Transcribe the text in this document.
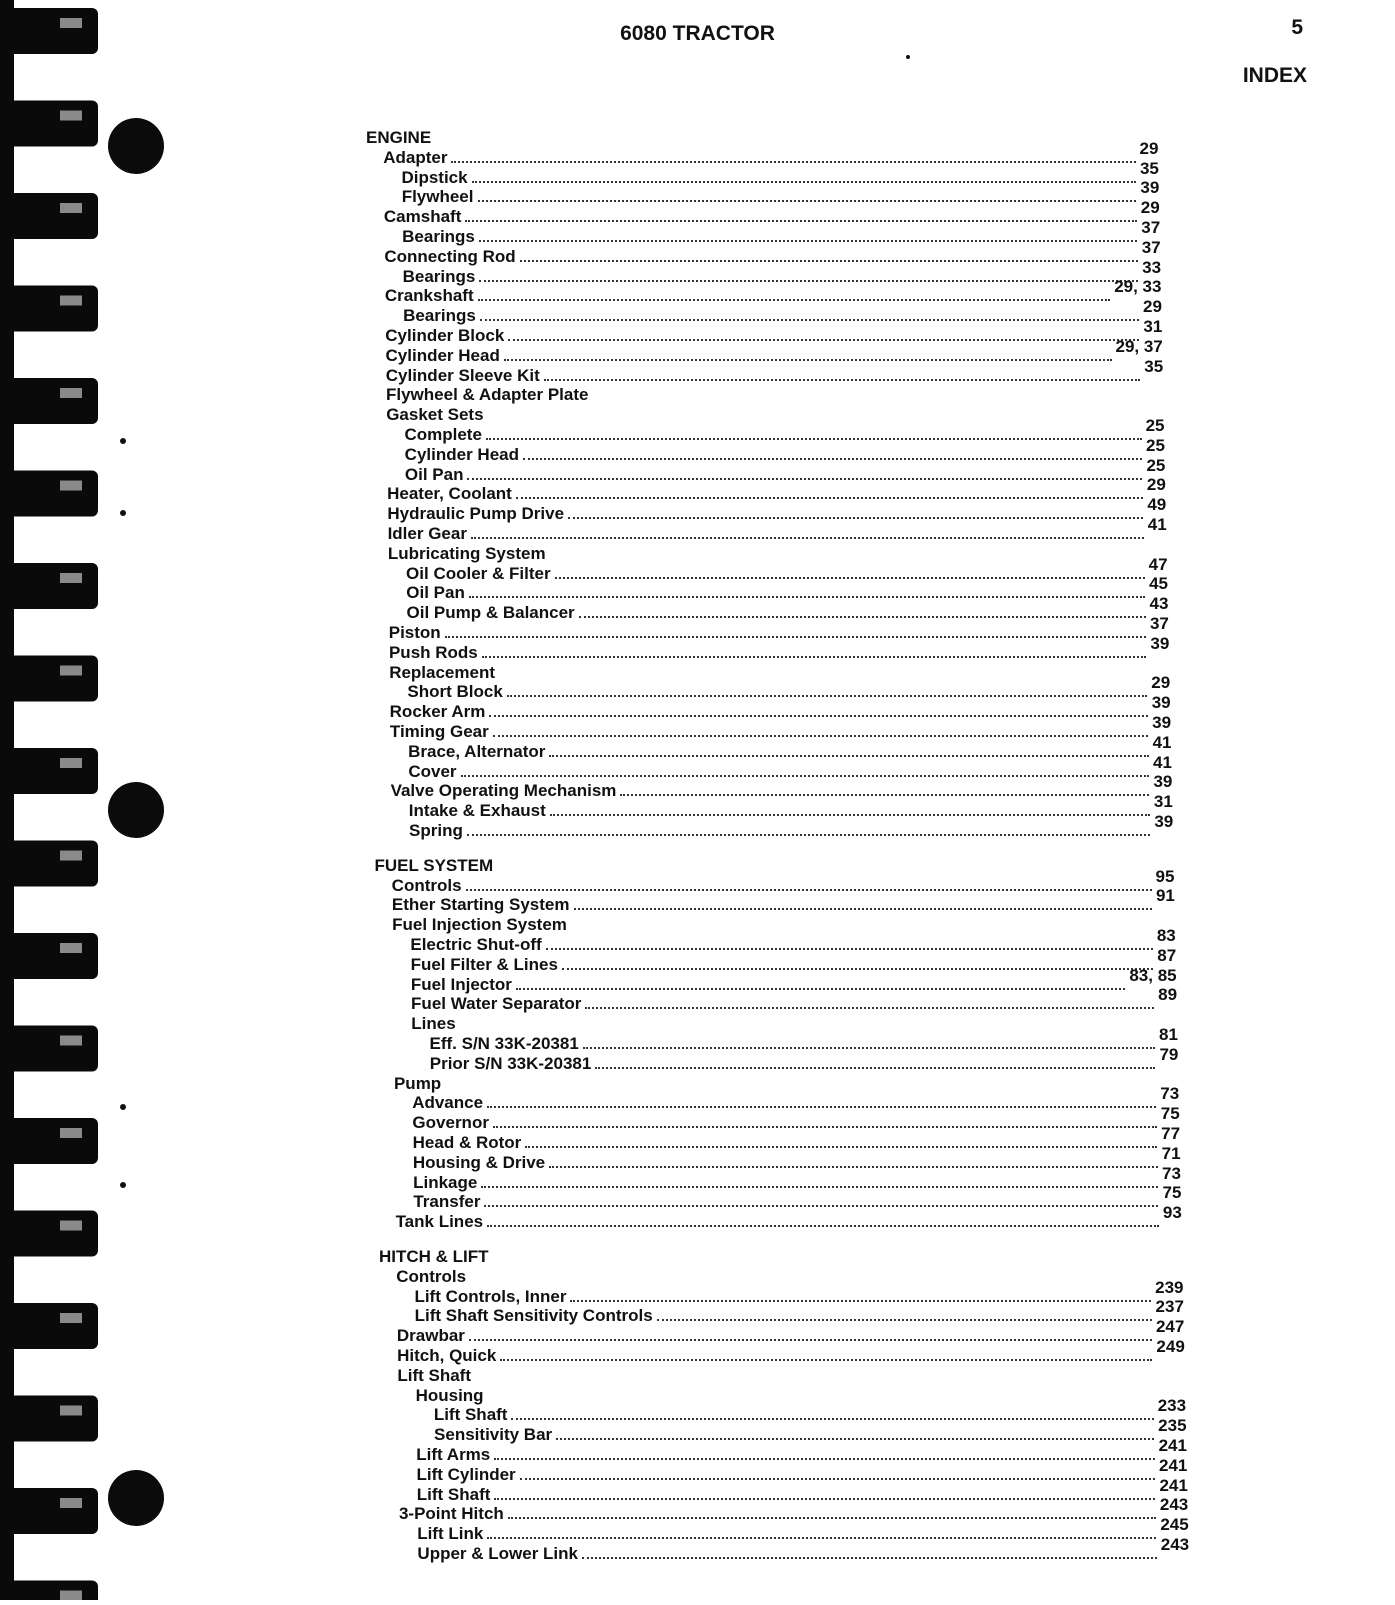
6080 TRACTOR	5
INDEX
ENGINE
Adapter	29
Dipstick	35
Flywheel	39
Camshaft	29
Bearings	37
Connecting Rod	37
Bearings	33
Crankshaft	29, 33
Bearings	29
Cylinder Block	31
Cylinder Head	29, 37
Cylinder Sleeve Kit	35
Flywheel & Adapter Plate
Gasket Sets
Complete	25
Cylinder Head	25
Oil Pan	25
Heater, Coolant	29
Hydraulic Pump Drive	49
Idler Gear	41
Lubricating System
Oil Cooler & Filter	47
Oil Pan	45
Oil Pump & Balancer	43
Piston	37
Push Rods	39
Replacement
Short Block	29
Rocker Arm	39
Timing Gear	39
Brace, Alternator	41
Cover	41
Valve Operating Mechanism	39
Intake & Exhaust	31
Spring	39
FUEL SYSTEM
Controls	95
Ether Starting System	91
Fuel Injection System
Electric Shut-off	83
Fuel Filter & Lines	87
Fuel Injector	83, 85
Fuel Water Separator	89
Lines
Eff. S/N 33K-20381	81
Prior S/N 33K-20381	79
Pump
Advance	73
Governor	75
Head & Rotor	77
Housing & Drive	71
Linkage	73
Transfer	75
Tank Lines	93
HITCH & LIFT
Controls
Lift Controls, Inner	239
Lift Shaft Sensitivity Controls	237
Drawbar	247
Hitch, Quick	249
Lift Shaft
Housing
Lift Shaft	233
Sensitivity Bar	235
Lift Arms	241
Lift Cylinder	241
Lift Shaft	241
3-Point Hitch	243
Lift Link	245
Upper & Lower Link	243
